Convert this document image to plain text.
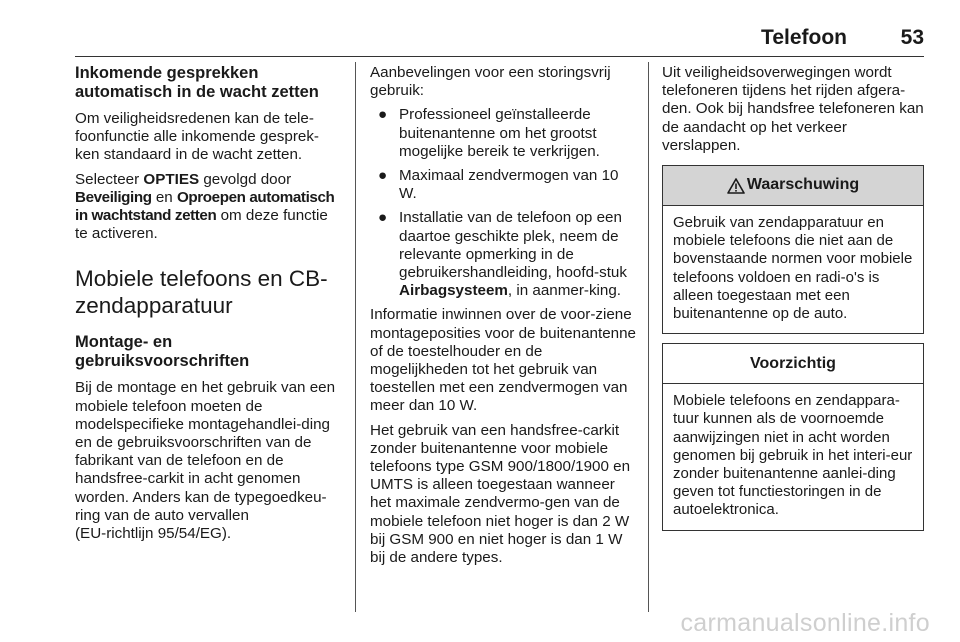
Telefoon	53
Inkomende gesprekken
automatisch in de wacht zetten

Om veiligheidsredenen kan de tele-
foonfunctie alle inkomende gesprek-
ken standaard in de wacht zetten.

Selecteer OPTIES gevolgd door Beveiliging en Oproepen automatisch in wachtstand zetten om deze functie te activeren.

Mobiele telefoons en CB-
zendapparatuur
Montage- en
gebruiksvoorschriften

Bij de montage en het gebruik van een mobiele telefoon moeten de modelspecifieke montagehandlei-ding en de gebruiksvoorschriften van de fabrikant van de telefoon en de handsfree-carkit in acht genomen worden. Anders kan de typegoedkeu-ring van de auto vervallen
(EU-richtlijn 95/54/EG).

Aanbevelingen voor een storingsvrij gebruik:

● Professioneel geïnstalleerde buitenantenne om het grootst mogelijke bereik te verkrijgen.
● Maximaal zendvermogen van 10 W.
● Installatie van de telefoon op een daartoe geschikte plek, neem de relevante opmerking in de gebruikershandleiding, hoofd-stuk Airbagsysteem, in aanmer-king.

Informatie inwinnen over de voor-ziene montageposities voor de buitenantenne of de toestelhouder en de mogelijkheden tot het gebruik van toestellen met een zendvermogen van meer dan 10 W.

Het gebruik van een handsfree-carkit zonder buitenantenne voor mobiele telefoons type GSM 900/1800/1900 en UMTS is alleen toegestaan wanneer het maximale zendvermo-gen van de mobiele telefoon niet hoger is dan 2 W bij GSM 900 en niet hoger is dan 1 W bij de andere types.

Uit veiligheidsoverwegingen wordt telefoneren tijdens het rijden afgera-den. Ook bij handsfree telefoneren kan de aandacht op het verkeer verslappen.

Waarschuwing
Gebruik van zendapparatuur en mobiele telefoons die niet aan de bovenstaande normen voor mobiele telefoons voldoen en radi-o's is alleen toegestaan met een buitenantenne op de auto.
Voorzichtig
Mobiele telefoons en zendappara-tuur kunnen als de voornoemde aanwijzingen niet in acht worden genomen bij gebruik in het interi-eur zonder buitenantenne aanlei-ding geven tot functiestoringen in de autoelektronica.
carmanualsonline.info
